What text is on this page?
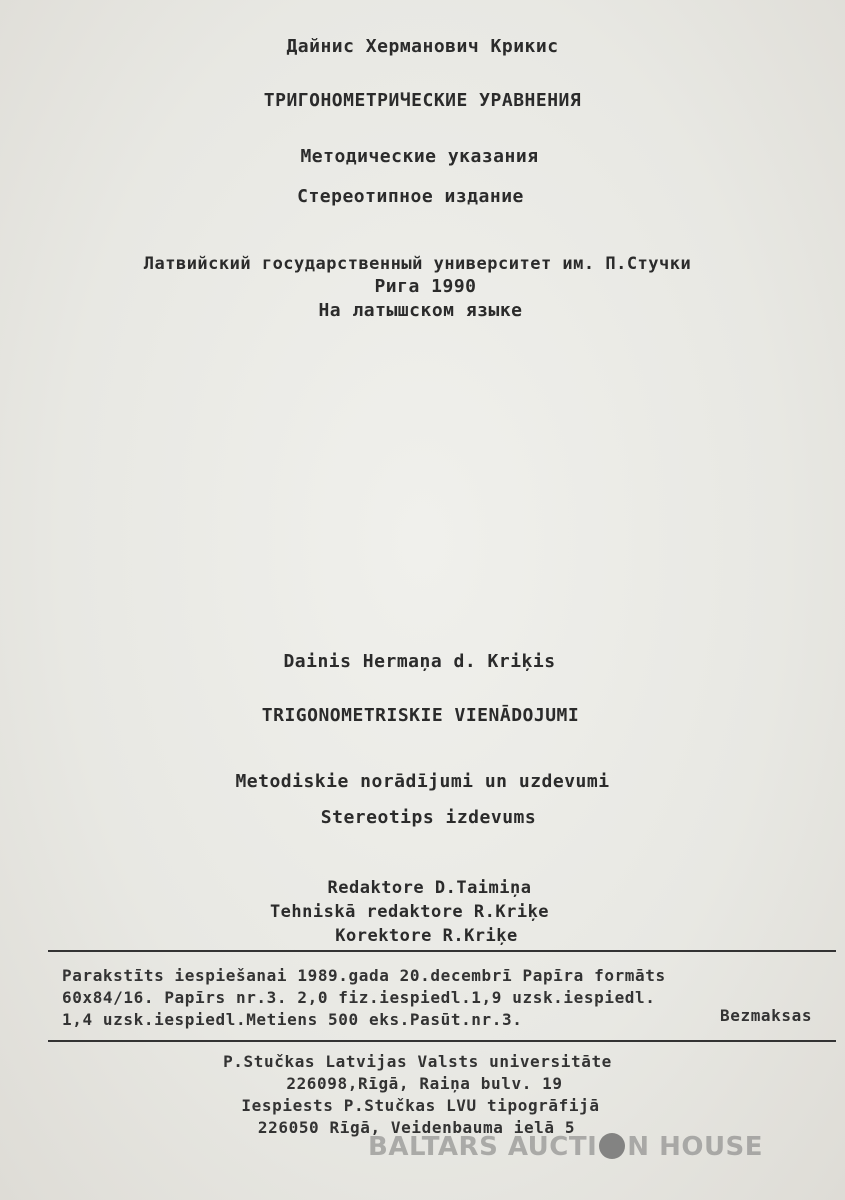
Дайнис Херманович Крикис
ТРИГОНОМЕТРИЧЕСКИЕ УРАВНЕНИЯ
Методические указания
Стереотипное издание
Латвийский государственный университет им. П.Стучки
Рига 1990
На латышском языке
Dainis Hermaņa d. Kriķis
TRIGONOMETRISKIE VIENĀDOJUMI
Metodiskie norādījumi un uzdevumi
Stereotips izdevums
Redaktore D.Taimiņa
Tehniskā redaktore R.Kriķe
Korektore R.Kriķe
Parakstīts iespiešanai 1989.gada 20.decembrī Papīra formāts
60x84/16. Papīrs nr.3. 2,0 fiz.iespiedl.1,9 uzsk.iespiedl.
1,4 uzsk.iespiedl.Metiens 500 eks.Pasūt.nr.3.	Bezmaksas
P.Stučkas Latvijas Valsts universitāte
226098,Rīgā, Raiņa bulv. 19
Iespiests P.Stučkas LVU tipogrāfijā
226050 Rīgā, Veidenbauma ielā 5
BALTARS AUCTI N HOUSE
